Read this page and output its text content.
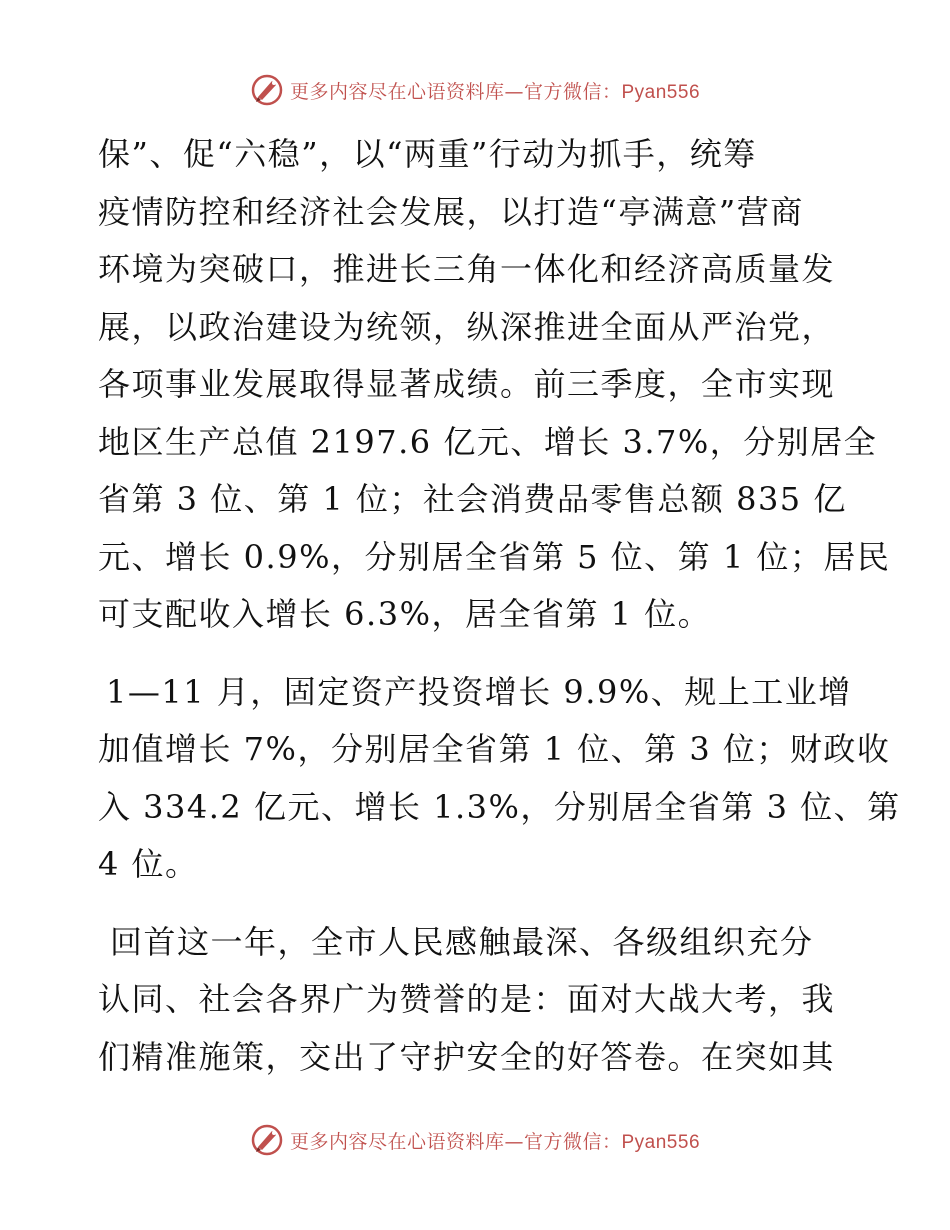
更多内容尽在心语资料库—官方微信：Pyan556
保”、促“六稳”，以“两重”行动为抓手，统筹
疫情防控和经济社会发展，以打造“亭满意”营商
环境为突破口，推进长三角一体化和经济高质量发
展，以政治建设为统领，纵深推进全面从严治党，
各项事业发展取得显著成绩。前三季度，全市实现
地区生产总值 2197.6 亿元、增长 3.7%，分别居全
省第 3 位、第 1 位；社会消费品零售总额 835 亿
元、增长 0.9%，分别居全省第 5 位、第 1 位；居民
可支配收入增长 6.3%，居全省第 1 位。
1—11 月，固定资产投资增长 9.9%、规上工业增
加值增长 7%，分别居全省第 1 位、第 3 位；财政收
入 334.2 亿元、增长 1.3%，分别居全省第 3 位、第
4 位。
回首这一年，全市人民感触最深、各级组织充分
认同、社会各界广为赞誉的是：面对大战大考，我
们精准施策，交出了守护安全的好答卷。在突如其
更多内容尽在心语资料库—官方微信：Pyan556
